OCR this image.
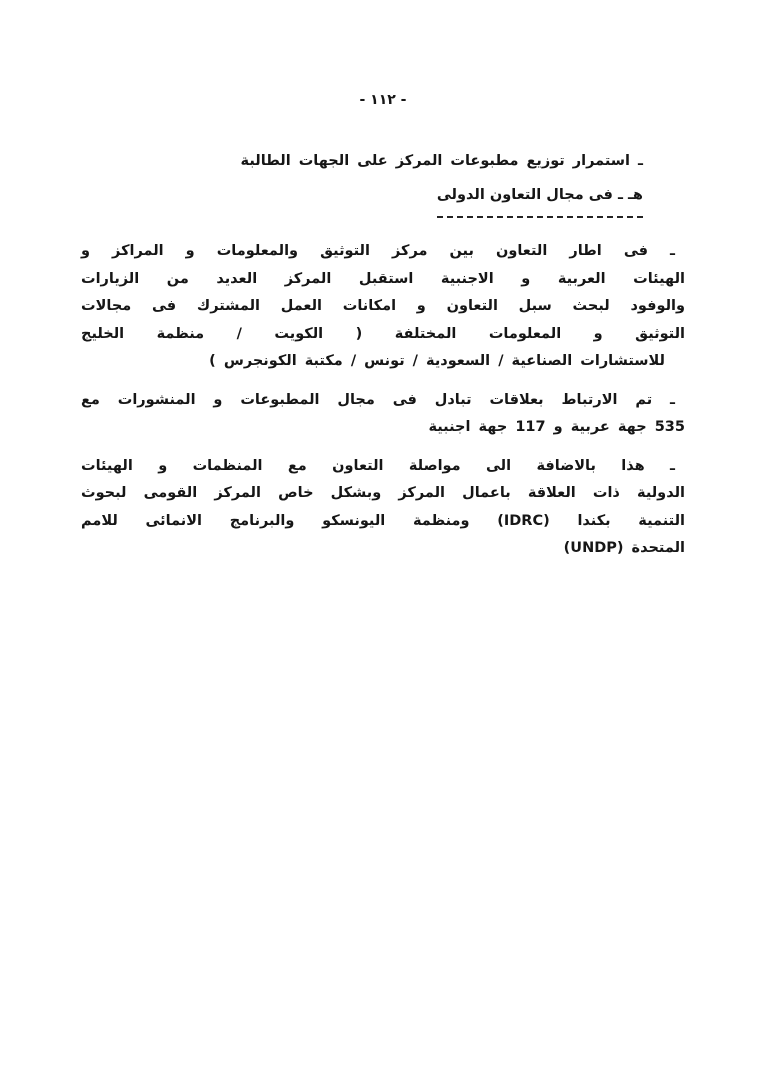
- ١١٢ -
ـ استمرار توزيع مطبوعات المركز على الجهات الطالبة
هـ ـ فى مجال التعاون الدولى
ـ فى اطار التعاون بين مركز التوثيق والمعلومات و المراكز و
الهيئات العربية و الاجنبية استقبل المركز العديد من الزيارات
والوفود لبحث سبل التعاون و امكانات العمل المشترك فى مجالات
التوثيق و المعلومات المختلفة ( الكويت / منظمة الخليج
للاستشارات الصناعية / السعودية / تونس / مكتبة الكونجرس )
ـ تم الارتباط بعلاقات تبادل فى مجال المطبوعات و المنشورات مع
535 جهة عربية و 117 جهة اجنبية
ـ هذا بالاضافة الى مواصلة التعاون مع المنظمات و الهيئات
الدولية ذات العلاقة باعمال المركز وبشكل خاص المركز القومى لبحوث
التنمية بكندا (IDRC) ومنظمة اليونسكو والبرنامج الانمائى للامم
المتحدة (UNDP)
